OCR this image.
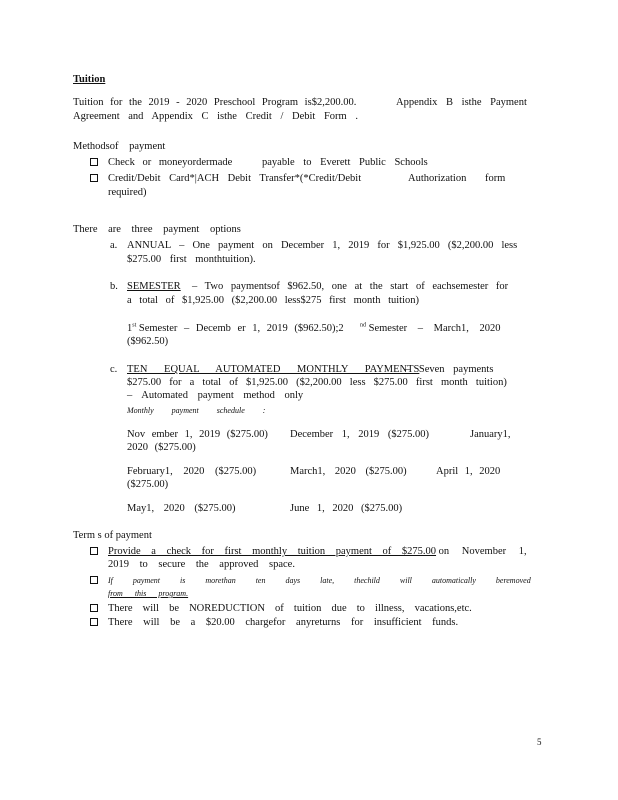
Tuition
Tuition for the 2019 - 2020 Preschool Program is$2,200.00.	Appendix B isthe Payment
Agreement and Appendix C isthe Credit / Debit Form .
Methodsof payment
Check or moneyordermade	payable to Everett Public Schools
Credit/Debit Card*|ACH Debit Transfer*(*Credit/Debit	Authorization form
required)
There are three payment options
a. ANNUAL – One payment on December 1, 2019 for $1,925.00 ($2,200.00 less
$275.00 first monthtuition).
b. SEMESTER	– Two paymentsof $962.50, one at the start of eachsemester for
a total of $1,925.00 ($2,200.00 less$275 first month tuition)
1st Semester – Decemb er 1, 2019 ($962.50);2	$^{nd}$ Semester – March1, 2020
($962.50)
c. TEN EQUAL AUTOMATED MONTHLY PAYMENTS
– Seven payments
$275.00 for a total of $1,925.00 ($2,200.00 less $275.00 first month tuition)
– Automated payment method only
Monthly payment schedule :
Nov ember 1, 2019 ($275.00) December 1, 2019 ($275.00)	January1,
2020 ($275.00)
February1, 2020 ($275.00)	March1, 2020 ($275.00)	April 1, 2020
($275.00)
May1, 2020 ($275.00)	June 1, 2020 ($275.00)
Term s of payment
Provide a check for first monthly tuition payment of $275.00 on November 1,
2019 to secure the approved space.
If payment is morethan ten days late, thechild will automatically beremoved
from this program.
There will be NOREDUCTION of tuition due to illness, vacations,etc.
There will be a $20.00 chargefor anyreturns for insufficient funds.
5
